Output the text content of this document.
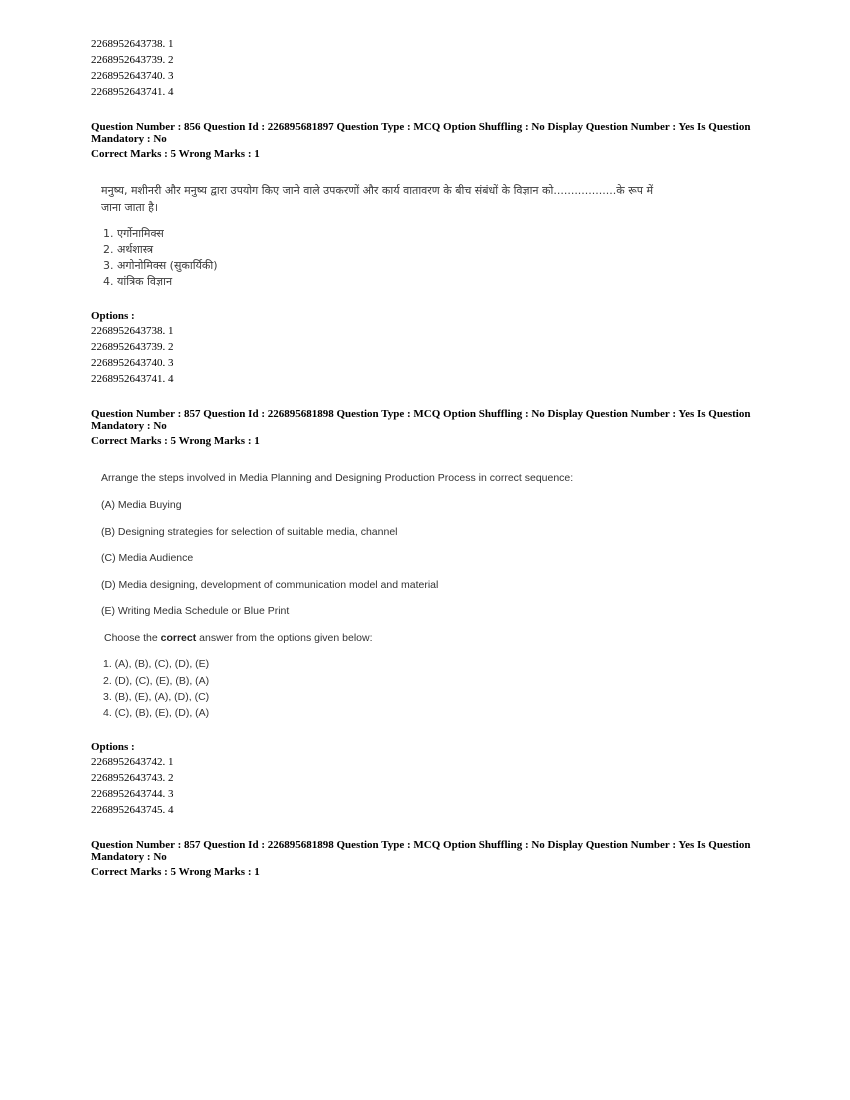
2268952643738. 1
2268952643739. 2
2268952643740. 3
2268952643741. 4
Question Number : 856 Question Id : 226895681897 Question Type : MCQ Option Shuffling : No Display Question Number : Yes Is Question
Mandatory : No
Correct Marks : 5 Wrong Marks : 1
मनुष्य, मशीनरी और मनुष्य द्वारा उपयोग किए जाने वाले उपकरणों और कार्य वातावरण के बीच संबंधों के विज्ञान को..................के रूप में
जाना जाता है।
1. एर्गोनामिक्स
2. अर्थशास्त्र
3. अगोनोमिक्स (सुकार्यिकी)
4. यांत्रिक विज्ञान
Options :
2268952643738. 1
2268952643739. 2
2268952643740. 3
2268952643741. 4
Question Number : 857 Question Id : 226895681898 Question Type : MCQ Option Shuffling : No Display Question Number : Yes Is Question
Mandatory : No
Correct Marks : 5 Wrong Marks : 1
Arrange the steps involved in Media Planning and Designing Production Process in correct sequence:
(A) Media Buying
(B) Designing strategies for selection of suitable media, channel
(C) Media Audience
(D) Media designing, development of communication model and material
(E) Writing Media Schedule or Blue Print
Choose the correct answer from the options given below:
1. (A), (B), (C), (D), (E)
2. (D), (C), (E), (B), (A)
3. (B), (E), (A), (D), (C)
4. (C), (B), (E), (D), (A)
Options :
2268952643742. 1
2268952643743. 2
2268952643744. 3
2268952643745. 4
Question Number : 857 Question Id : 226895681898 Question Type : MCQ Option Shuffling : No Display Question Number : Yes Is Question
Mandatory : No
Correct Marks : 5 Wrong Marks : 1
